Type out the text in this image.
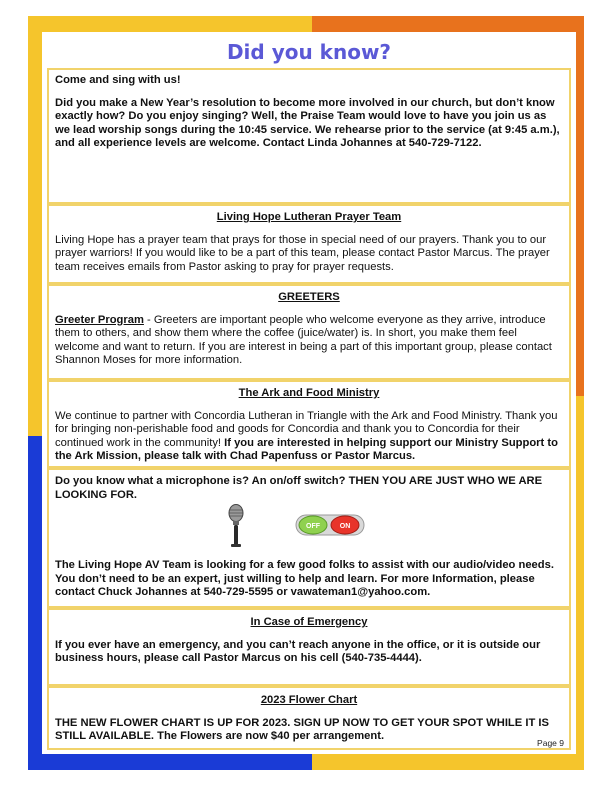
Did you know?

Come and sing with us!

Did you make a New Year’s resolution to become more involved in our church, but don’t know exactly how? Do you enjoy singing? Well, the Praise Team would love to have you join us as we lead worship songs during the 10:45 service. We rehearse prior to the service (at 9:45 a.m.), and all experience levels are welcome. Contact Linda Johannes at 540-729-7122.

Living Hope Lutheran Prayer Team

Living Hope has a prayer team that prays for those in special need of our prayers. Thank you to our prayer warriors! If you would like to be a part of this team, please contact Pastor Marcus. The prayer team receives emails from Pastor asking to pray for prayer requests.

GREETERS

Greeter Program - Greeters are important people who welcome everyone as they arrive, introduce them to others, and show them where the coffee (juice/water) is. In short, you make them feel welcome and want to return. If you are interest in being a part of this important group, please contact Shannon Moses for more information.

The Ark and Food Ministry

We continue to partner with Concordia Lutheran in Triangle with the Ark and Food Ministry. Thank you for bringing non-perishable food and goods for Concordia and thank you to Concordia for their continued work in the community! If you are interested in helping support our Ministry Support to the Ark Mission, please talk with Chad Papenfuss or Pastor Marcus.

Do you know what a microphone is? An on/off switch? THEN YOU ARE JUST WHO WE ARE LOOKING FOR.

OFF	ON

The Living Hope AV Team is looking for a few good folks to assist with our audio/video needs. You don’t need to be an expert, just willing to help and learn. For more Information, please contact Chuck Johannes at 540-729-5595 or vawateman1@yahoo.com.

In Case of Emergency

If you ever have an emergency, and you can’t reach anyone in the office, or it is outside our business hours, please call Pastor Marcus on his cell (540-735-4444).

2023 Flower Chart

THE NEW FLOWER CHART IS UP FOR 2023. SIGN UP NOW TO GET YOUR SPOT WHILE IT IS STILL AVAILABLE. The Flowers are now $40 per arrangement.

Page 9
